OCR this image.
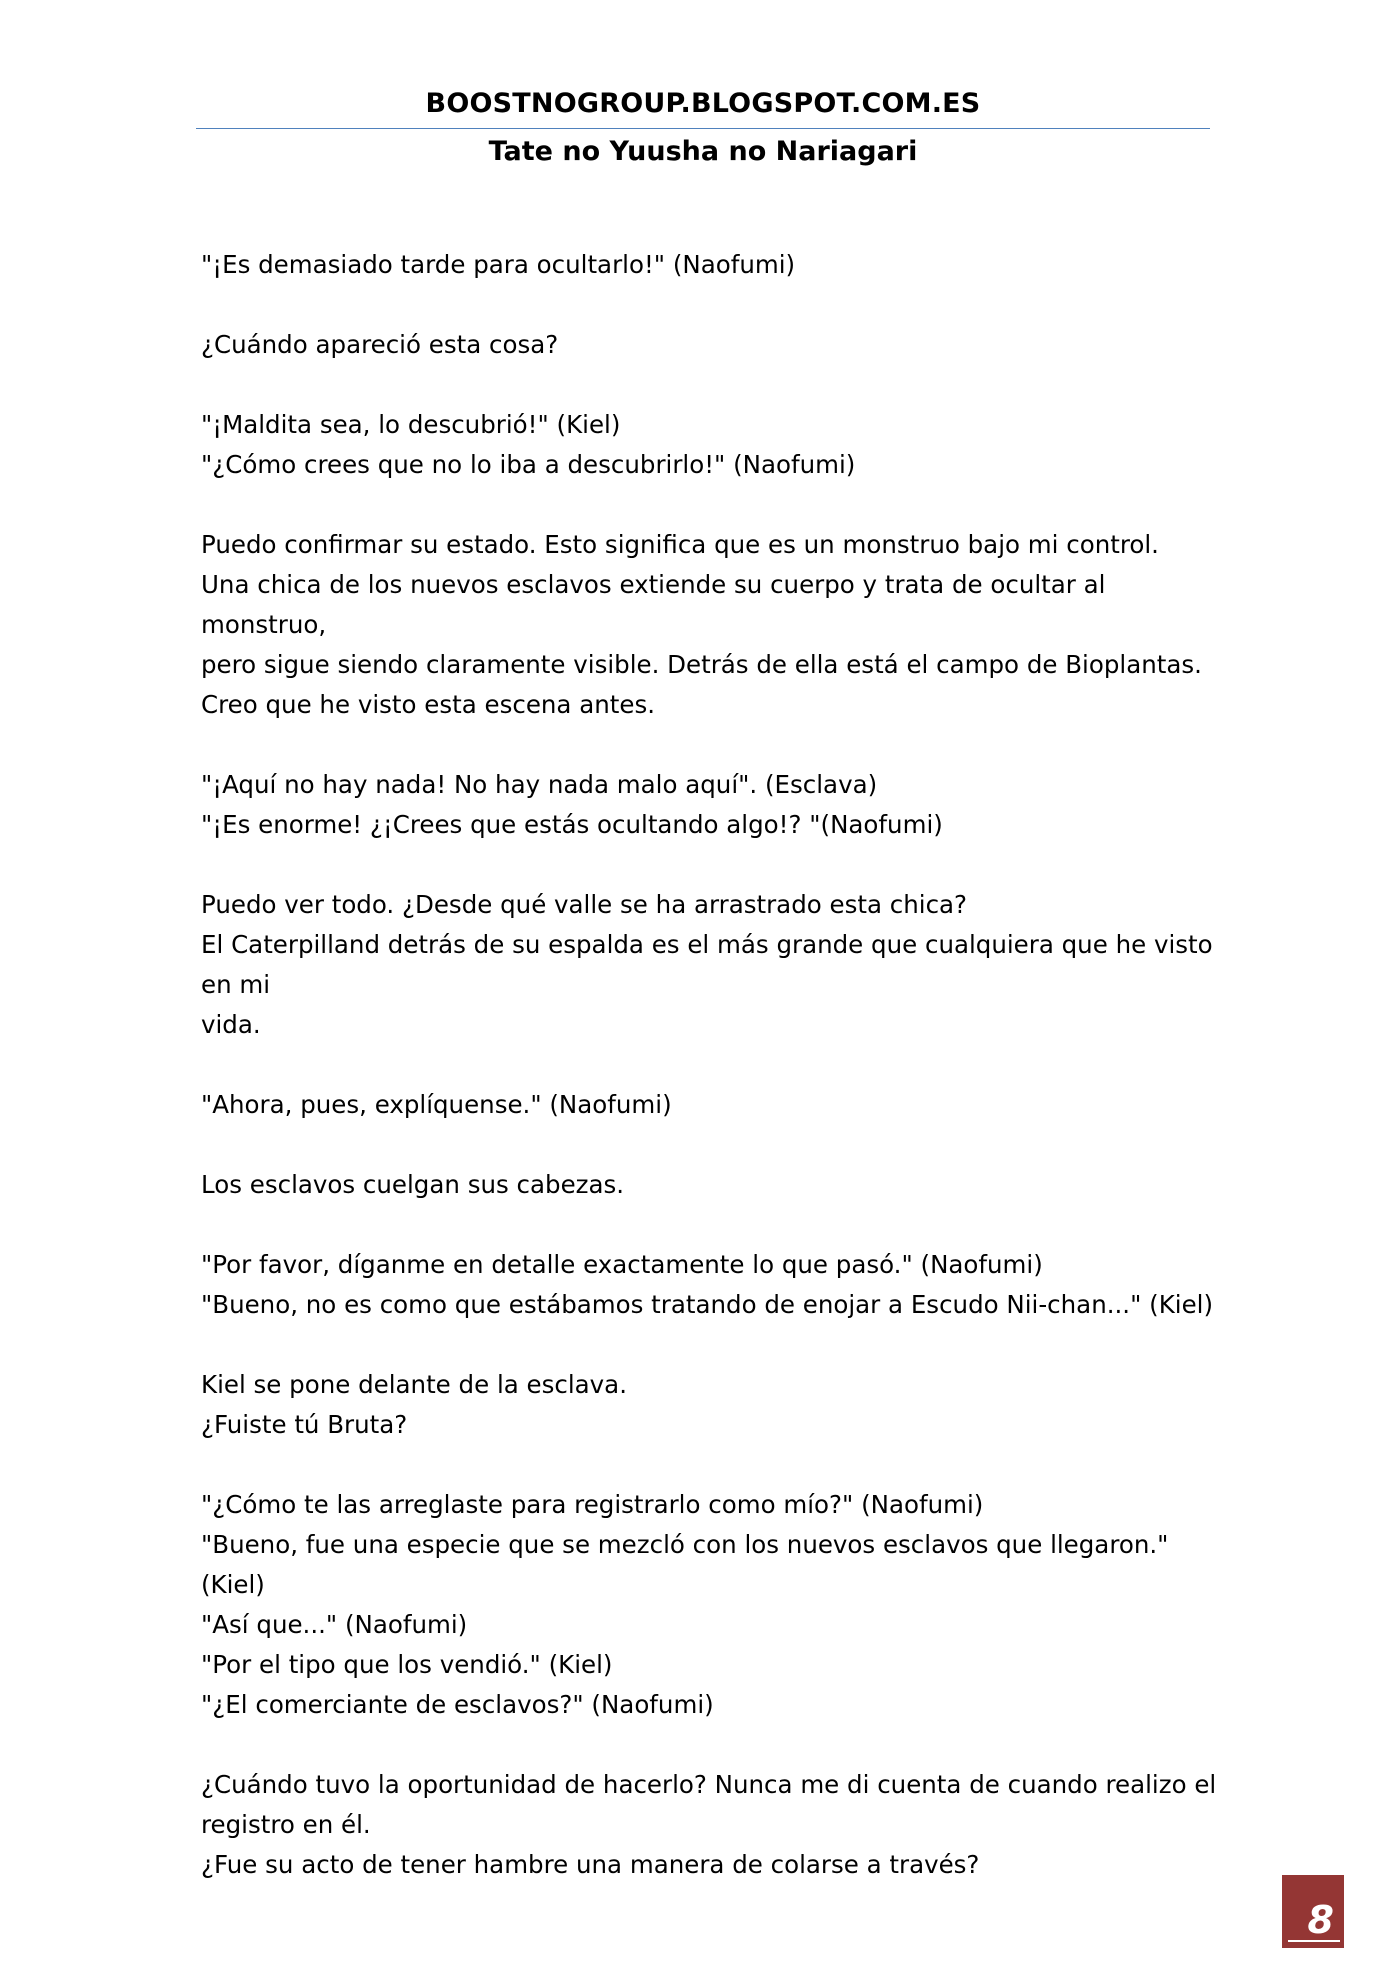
BOOSTNOGROUP.BLOGSPOT.COM.ES
Tate no Yuusha no Nariagari
"¡Es demasiado tarde para ocultarlo!" (Naofumi)
¿Cuándo apareció esta cosa?
"¡Maldita sea, lo descubrió!" (Kiel)
"¿Cómo crees que no lo iba a descubrirlo!" (Naofumi)
Puedo confirmar su estado. Esto significa que es un monstruo bajo mi control.
Una chica de los nuevos esclavos extiende su cuerpo y trata de ocultar al monstruo,
pero sigue siendo claramente visible. Detrás de ella está el campo de Bioplantas.
Creo que he visto esta escena antes.
"¡Aquí no hay nada! No hay nada malo aquí". (Esclava)
"¡Es enorme! ¿¡Crees que estás ocultando algo!? "(Naofumi)
Puedo ver todo. ¿Desde qué valle se ha arrastrado esta chica?
El Caterpilland detrás de su espalda es el más grande que cualquiera que he visto en mi
vida.
"Ahora, pues, explíquense." (Naofumi)
Los esclavos cuelgan sus cabezas.
"Por favor, díganme en detalle exactamente lo que pasó." (Naofumi)
"Bueno, no es como que estábamos tratando de enojar a Escudo Nii-chan..." (Kiel)
Kiel se pone delante de la esclava.
¿Fuiste tú Bruta?
"¿Cómo te las arreglaste para registrarlo como mío?" (Naofumi)
"Bueno, fue una especie que se mezcló con los nuevos esclavos que llegaron." (Kiel)
"Así que..." (Naofumi)
"Por el tipo que los vendió." (Kiel)
"¿El comerciante de esclavos?" (Naofumi)
¿Cuándo tuvo la oportunidad de hacerlo? Nunca me di cuenta de cuando realizo el
registro en él.
¿Fue su acto de tener hambre una manera de colarse a través?
8
